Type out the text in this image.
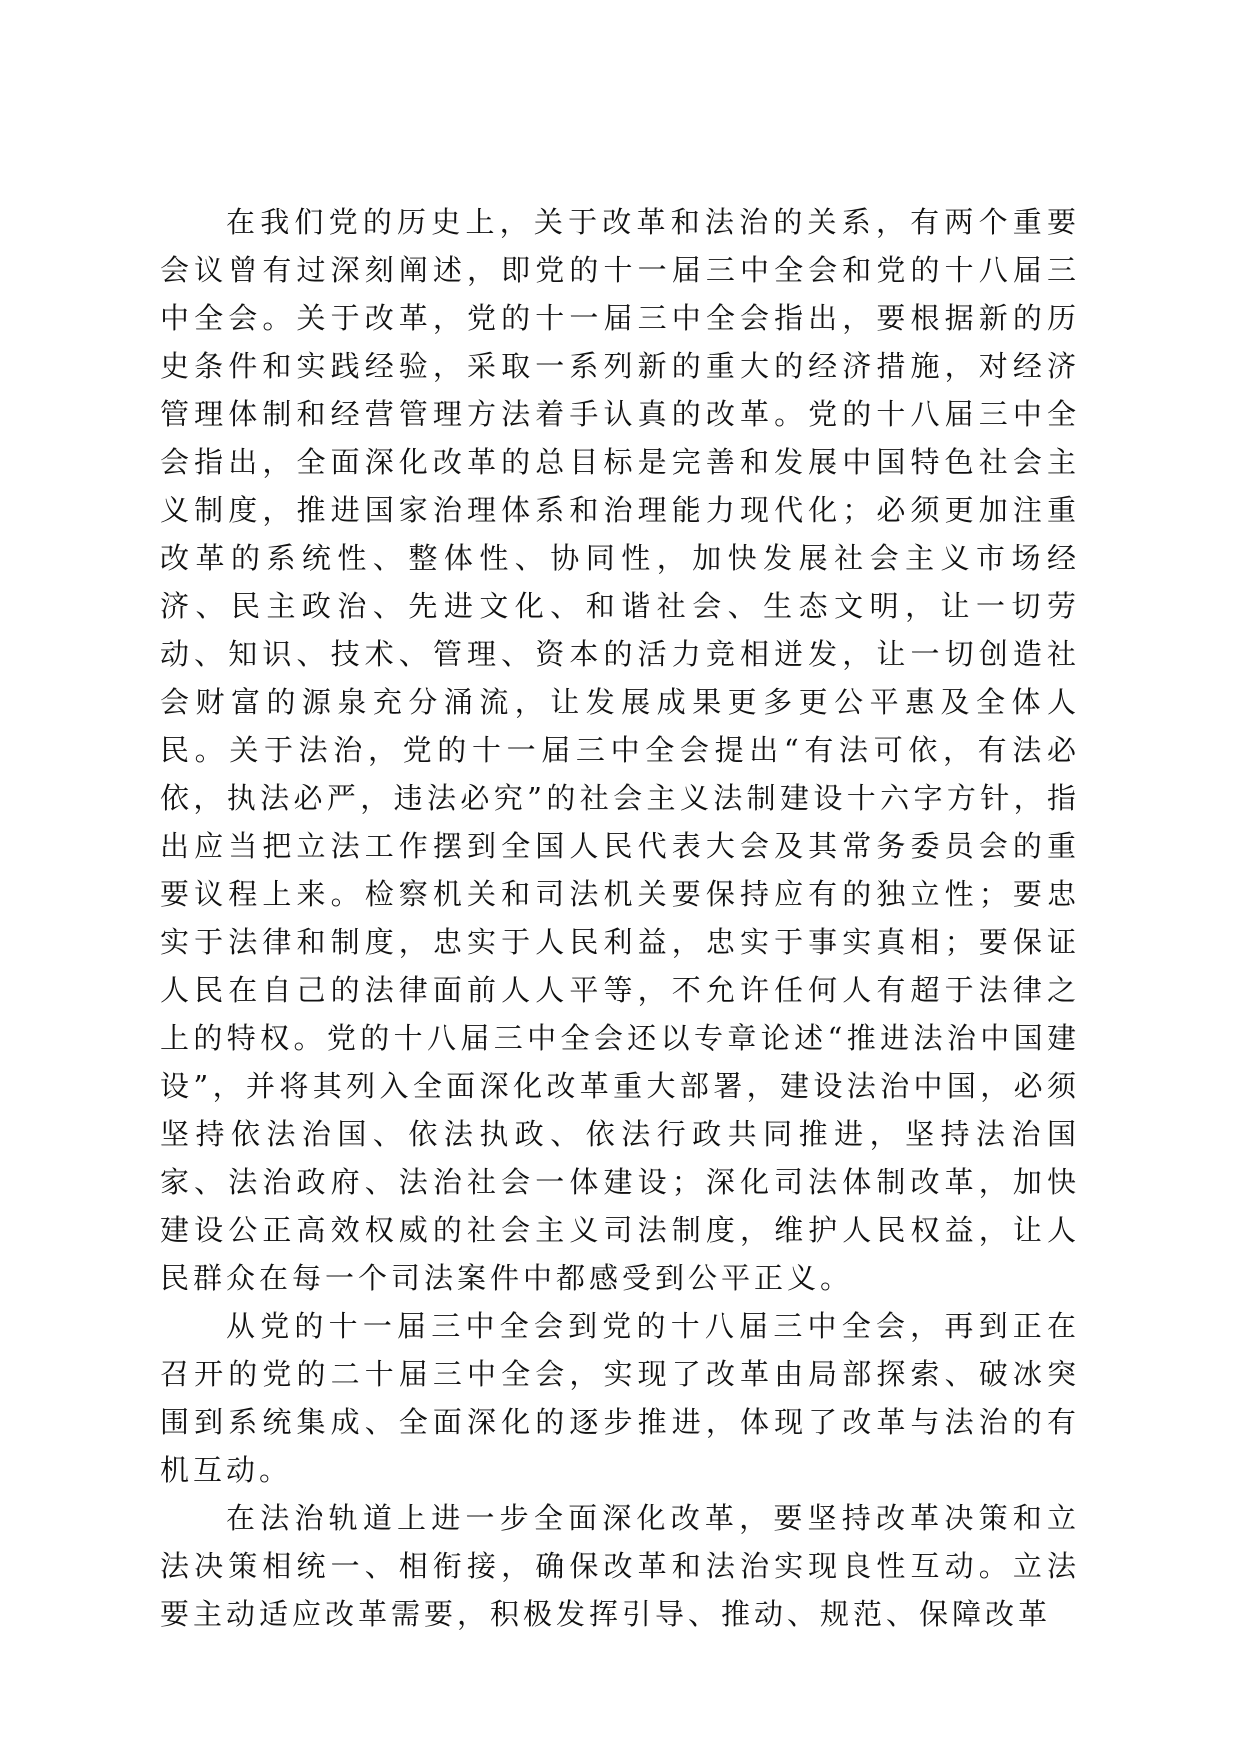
在我们党的历史上，关于改革和法治的关系，有两个重要会议曾有过深刻阐述，即党的十一届三中全会和党的十八届三中全会。关于改革，党的十一届三中全会指出，要根据新的历史条件和实践经验，采取一系列新的重大的经济措施，对经济管理体制和经营管理方法着手认真的改革。党的十八届三中全会指出，全面深化改革的总目标是完善和发展中国特色社会主义制度，推进国家治理体系和治理能力现代化；必须更加注重改革的系统性、整体性、协同性，加快发展社会主义市场经济、民主政治、先进文化、和谐社会、生态文明，让一切劳动、知识、技术、管理、资本的活力竞相迸发，让一切创造社会财富的源泉充分涌流，让发展成果更多更公平惠及全体人民。关于法治，党的十一届三中全会提出“有法可依，有法必依，执法必严，违法必究”的社会主义法制建设十六字方针，指出应当把立法工作摆到全国人民代表大会及其常务委员会的重要议程上来。检察机关和司法机关要保持应有的独立性；要忠实于法律和制度，忠实于人民利益，忠实于事实真相；要保证人民在自己的法律面前人人平等，不允许任何人有超于法律之上的特权。党的十八届三中全会还以专章论述“推进法治中国建设”，并将其列入全面深化改革重大部署，建设法治中国，必须坚持依法治国、依法执政、依法行政共同推进，坚持法治国家、法治政府、法治社会一体建设；深化司法体制改革，加快建设公正高效权威的社会主义司法制度，维护人民权益，让人民群众在每一个司法案件中都感受到公平正义。

从党的十一届三中全会到党的十八届三中全会，再到正在召开的党的二十届三中全会，实现了改革由局部探索、破冰突围到系统集成、全面深化的逐步推进，体现了改革与法治的有机互动。

在法治轨道上进一步全面深化改革，要坚持改革决策和立法决策相统一、相衔接，确保改革和法治实现良性互动。立法要主动适应改革需要，积极发挥引导、推动、规范、保障改革
